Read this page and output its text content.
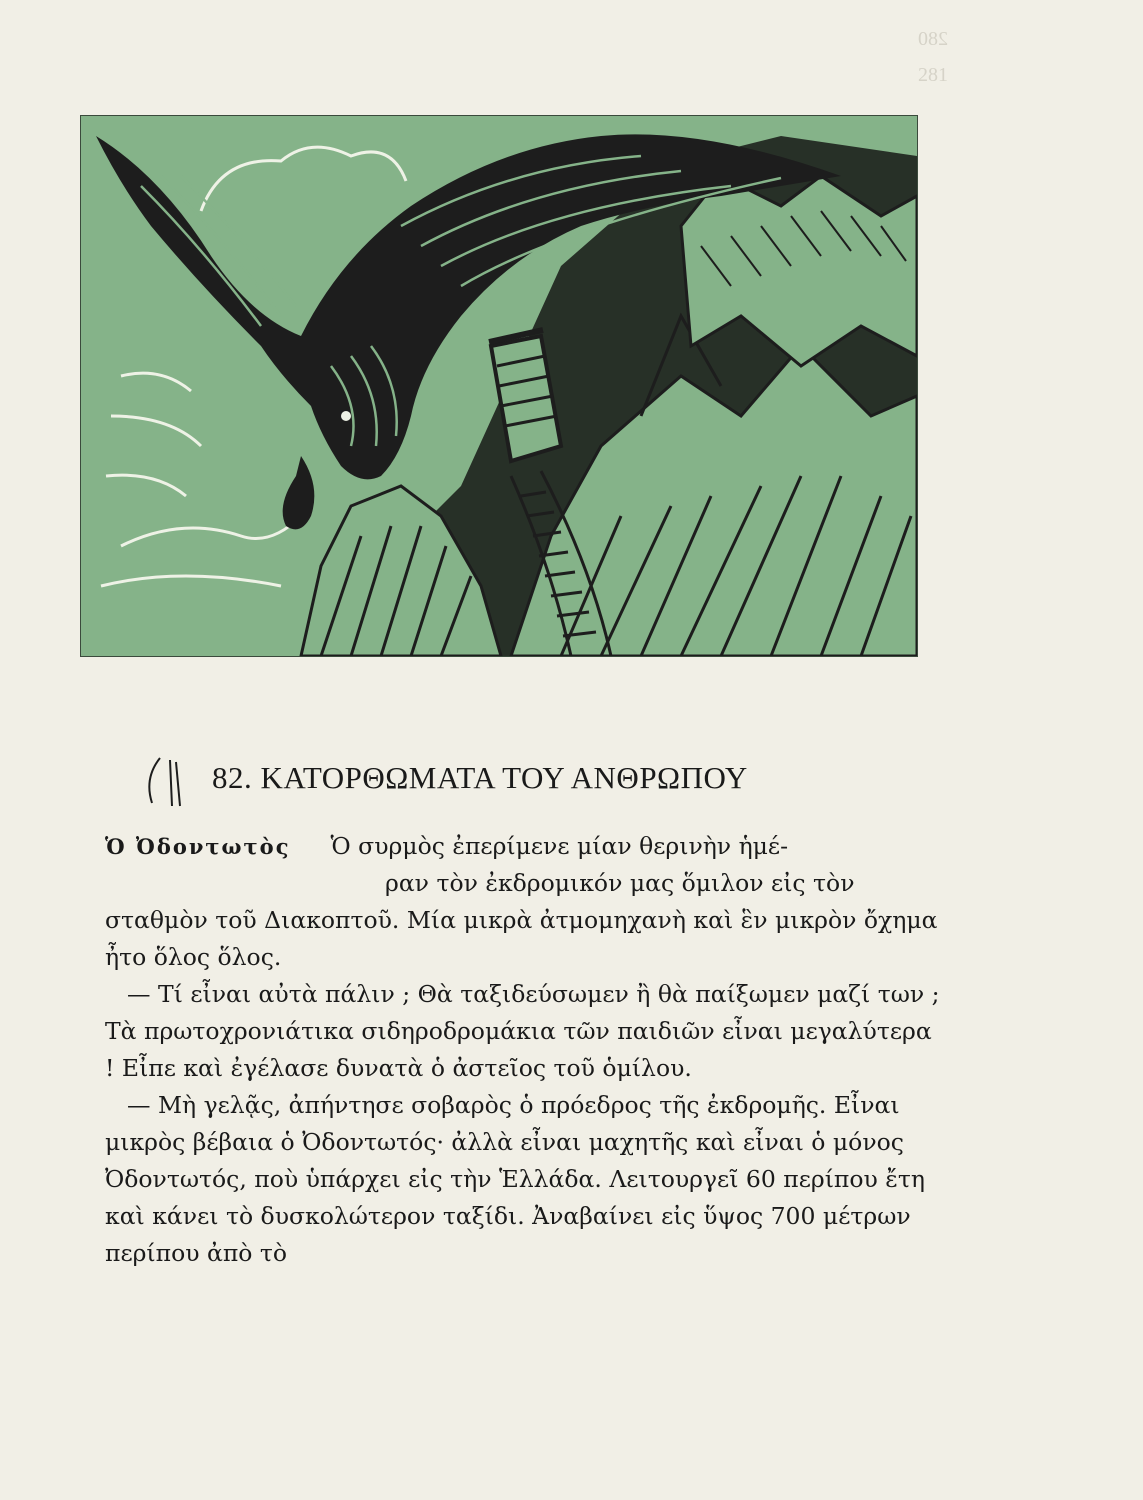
280
281
82. ΚΑΤΟΡΘΩΜΑΤΑ ΤΟΥ ΑΝΘΡΩΠΟΥ
Ὁ Ὀδοντωτὸς Ὁ συρμὸς ἐπερίμενε μίαν θερινὴν ἡμέ-

ραν τὸν ἐκδρομικόν μας ὅμιλον εἰς τὸν

σταθμὸν τοῦ Διακοπτοῦ. Μία μικρὰ ἀτμομηχανὴ καὶ ἓν μικρὸν ὄχημα ἦτο ὅλος ὅλος.

— Τί εἶναι αὐτὰ πάλιν ; Θὰ ταξιδεύσωμεν ἢ θὰ παίξωμεν μαζί των ; Τὰ πρωτοχρονιάτικα σιδηροδρομάκια τῶν παιδιῶν εἶναι μεγαλύτερα ! Εἶπε καὶ ἐγέλασε δυνατὰ ὁ ἀστεῖος τοῦ ὁμίλου.

— Μὴ γελᾷς, ἀπήντησε σοβαρὸς ὁ πρόεδρος τῆς ἐκδρομῆς. Εἶναι μικρὸς βέβαια ὁ Ὀδοντωτός· ἀλλὰ εἶναι μαχητῆς καὶ εἶναι ὁ μόνος Ὀδοντωτός, ποὺ ὑπάρχει εἰς τὴν Ἑλλάδα. Λειτουργεῖ 60 περίπου ἔτη καὶ κάνει τὸ δυσκολώτερον ταξίδι. Ἀναβαίνει εἰς ὕψος 700 μέτρων περίπου ἀπὸ τὸ
